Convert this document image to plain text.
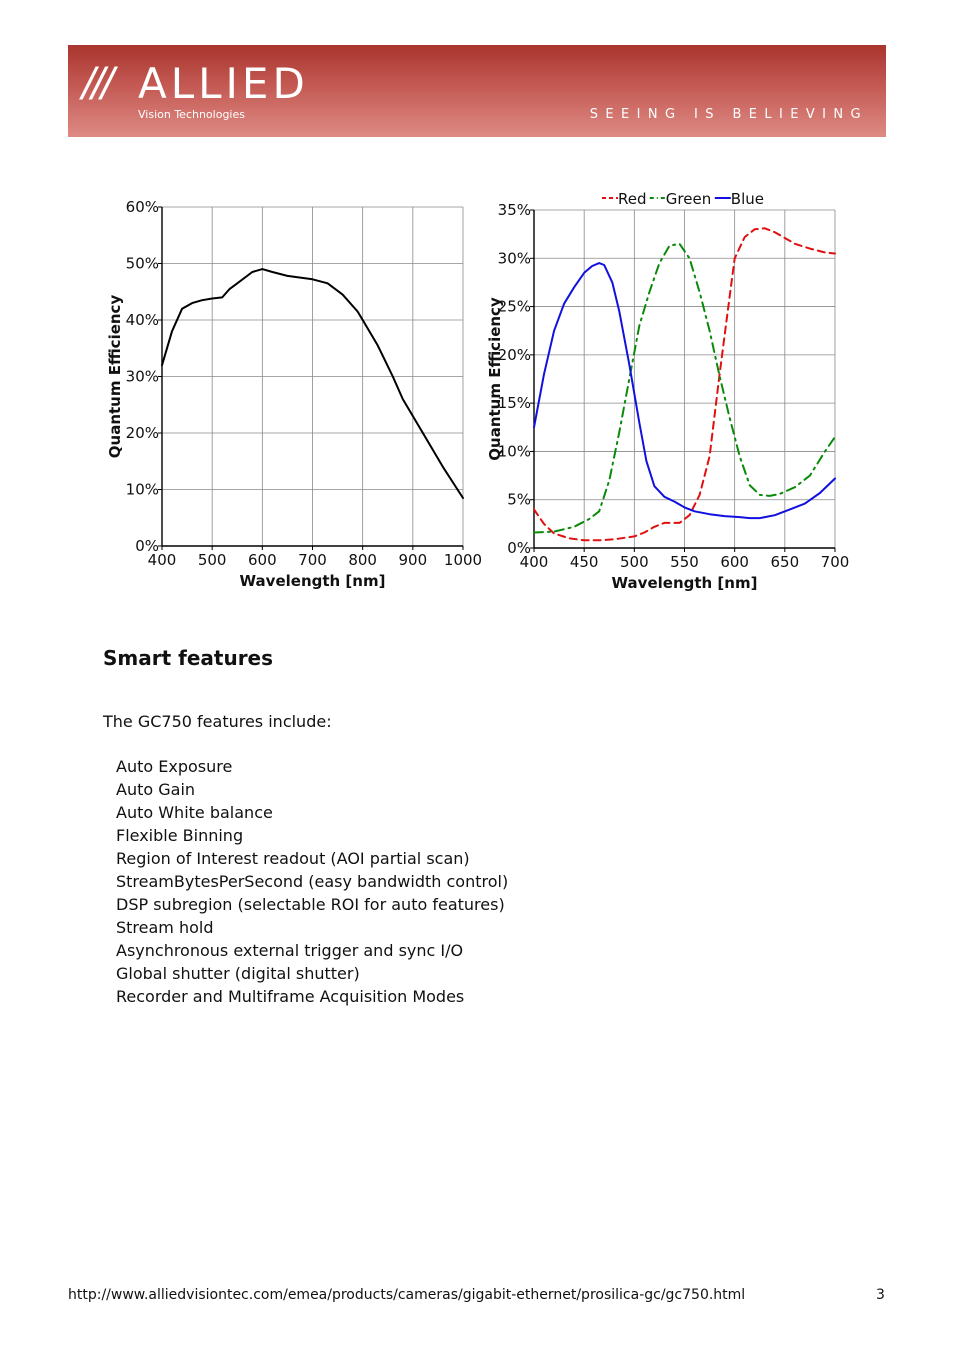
/// ALLIED
Vision Technologies	SEEING IS BELIEVING
400 500 600 700 800 900 1000
0%
10%
20%
30%
40%
50%
60%
Wavelength [nm]
Quantum Efficiency
400 450 500 550 600 650 700
0%
5%
10%
15%
20%
25%
30%
35%
Wavelength [nm]
Quantum Efficiency
Red Green Blue
Smart features

The GC750 features include:

Auto Exposure
Auto Gain
Auto White balance
Flexible Binning
Region of Interest readout (AOI partial scan)
StreamBytesPerSecond (easy bandwidth control)
DSP subregion (selectable ROI for auto features)
Stream hold
Asynchronous external trigger and sync I/O
Global shutter (digital shutter)
Recorder and Multiframe Acquisition Modes
http://www.alliedvisiontec.com/emea/products/cameras/gigabit-ethernet/prosilica-gc/gc750.html	3
